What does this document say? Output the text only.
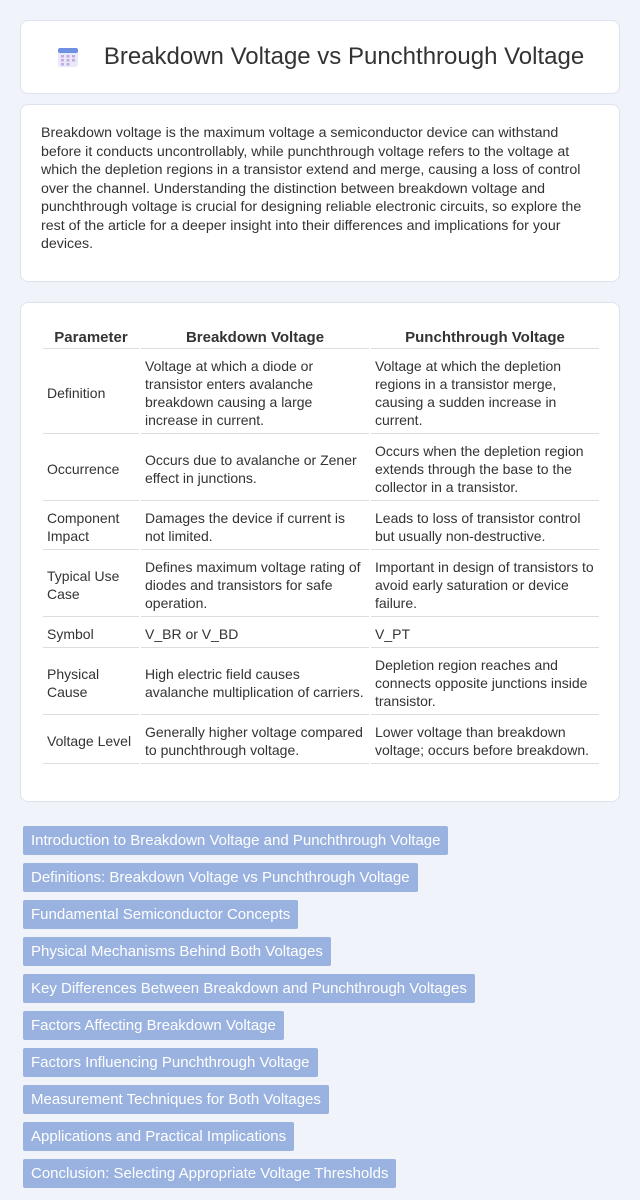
Breakdown Voltage vs Punchthrough Voltage

Breakdown voltage is the maximum voltage a semiconductor device can withstand before it conducts uncontrollably, while punchthrough voltage refers to the voltage at which the depletion regions in a transistor extend and merge, causing a loss of control over the channel. Understanding the distinction between breakdown voltage and punchthrough voltage is crucial for designing reliable electronic circuits, so explore the rest of the article for a deeper insight into their differences and implications for your devices.

Parameter	Breakdown Voltage	Punchthrough Voltage
Definition	Voltage at which a diode or transistor enters avalanche breakdown causing a large increase in current.	Voltage at which the depletion regions in a transistor merge, causing a sudden increase in current.
Occurrence	Occurs due to avalanche or Zener effect in junctions.	Occurs when the depletion region extends through the base to the collector in a transistor.
Component Impact	Damages the device if current is not limited.	Leads to loss of transistor control but usually non-destructive.
Typical Use Case	Defines maximum voltage rating of diodes and transistors for safe operation.	Important in design of transistors to avoid early saturation or device failure.
Symbol	V_BR or V_BD	V_PT
Physical Cause	High electric field causes avalanche multiplication of carriers.	Depletion region reaches and connects opposite junctions inside transistor.
Voltage Level	Generally higher voltage compared to punchthrough voltage.	Lower voltage than breakdown voltage; occurs before breakdown.
Introduction to Breakdown Voltage and Punchthrough Voltage
Definitions: Breakdown Voltage vs Punchthrough Voltage
Fundamental Semiconductor Concepts
Physical Mechanisms Behind Both Voltages
Key Differences Between Breakdown and Punchthrough Voltages
Factors Affecting Breakdown Voltage
Factors Influencing Punchthrough Voltage
Measurement Techniques for Both Voltages
Applications and Practical Implications
Conclusion: Selecting Appropriate Voltage Thresholds
